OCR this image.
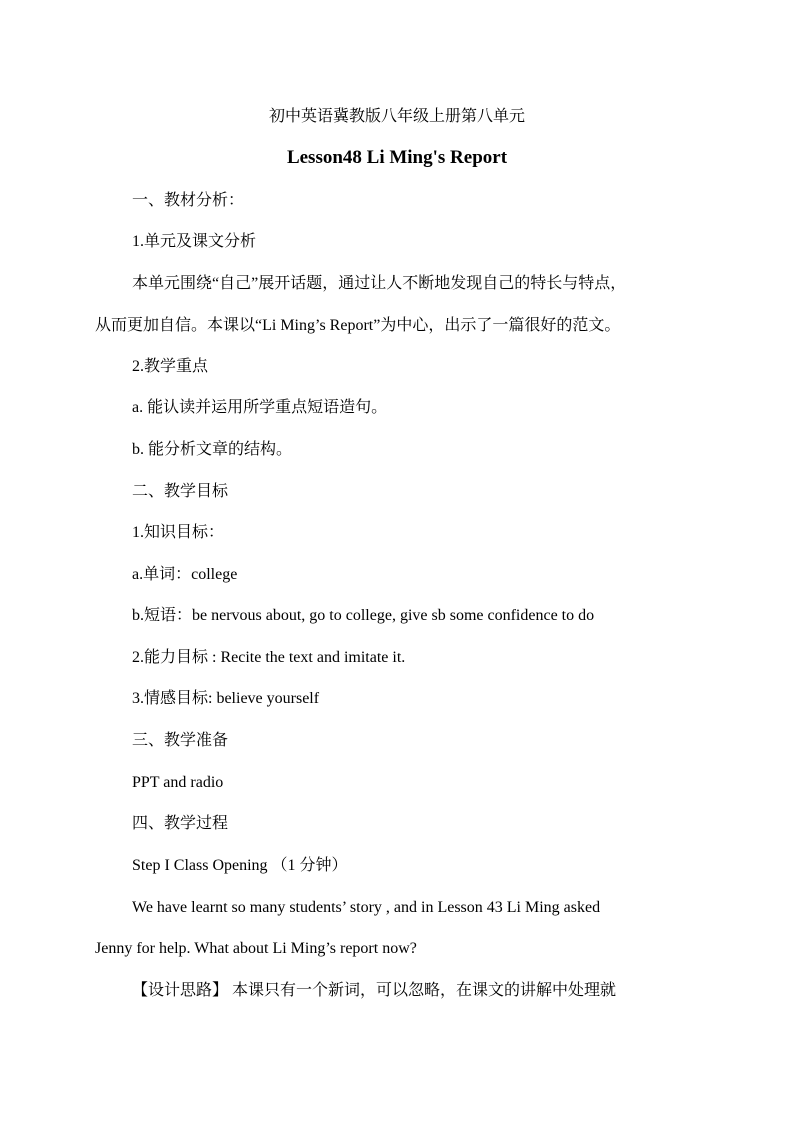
初中英语冀教版八年级上册第八单元
Lesson48 Li Ming's Report
一、教材分析：
1.单元及课文分析
本单元围绕“自己”展开话题，通过让人不断地发现自己的特长与特点，
从而更加自信。本课以“Li Ming’s Report”为中心，出示了一篇很好的范文。
2.教学重点
a. 能认读并运用所学重点短语造句。
b. 能分析文章的结构。
二、教学目标
1.知识目标：
a.单词：college
b.短语：be nervous about, go to college, give sb some confidence to do
2.能力目标 : Recite the text and imitate it.
3.情感目标: believe yourself
三、教学准备
PPT and radio
四、教学过程
Step I Class Opening （1 分钟）
We have learnt so many students’ story , and in Lesson 43 Li Ming asked
Jenny for help. What about Li Ming’s report now?
【设计思路】 本课只有一个新词，可以忽略，在课文的讲解中处理就
